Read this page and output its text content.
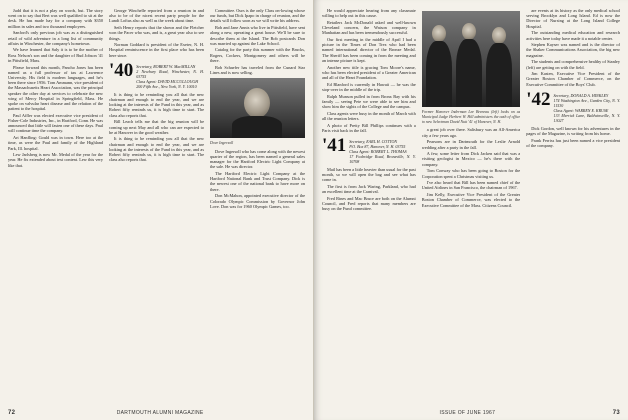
Judd that it is not a play on words, but. The story went on to say that Bert was well qualified to sit at the desk. He has made hay for a company with $350 million in sales and two thousand employees.

Sanford's only previous job was as a distinguished retail of wild adventure in a long list of community affairs in Winchester, the company's hometown.

We have learned that Saly it is to be the mother of Ross Nelson's son and the daughter of Bud Jobson '41 in Pittsfield, Mass.

Please forward this month, Pancho Jones has been named as a full professor of tax at Lawrence University. His field is modern languages, and he's been there since 1956. Tom Ammann, vice president of the Massachusetts Heart Association, was the principal speaker the other day at services to celebrate the new wing of Mercy Hospital in Springfield, Mass. He spoke on valvular heart disease and the relation of the patient to the hospital.

Paul Affler was elected executive vice president of Fisher-Cole Industries, Inc., in Hartford, Conn. He was announced that little will fasten one of these days. Paul will continue time the company.

Art Hanfling: Gould was in town. Here too at the time, as were the Paul and family of the Highland Park, Ill. hospital.

Lew Jarlsberg is now Mr. Medal of the year for the year. He fix extended about text content. Lew this very like that.

George Winchelle reported from a reunion in and also to be of the nicest recent party people for the Lundt Loftus also as well as the week about time.

Seth Henry reports that the shown and the Fletcher won the Pacer who was, and is, a great year also to see things.

Norman Goddard is president of the Exeter, N. H. Hospital reminiscence in the first place who has been here since.

'40 Secretary, ROBERT W. MacMILLAN
2 Newbury Road, Winchester, N. H. 03755
Class Agent: DAVID MCCULLOUGH
200 Fifth Ave., New York, N. Y. 10010

It is thing to be reminding you all that the new chairman and enough to end the year, and we are looking at the interests of the Fund in this year, and as Robert fifty reminds us, it is high time to start. The class also reports that.

Bill Leach tells me that the big reunion will be coming up next May and all who can are expected to be at Hanover in the good weather.

It is thing to be reminding you all that the new chairman and enough to end the year, and we are looking at the interests of the Fund in this year, and as Robert fifty reminds us, it is high time to start. The class also reports that.

Committee. Ours is the only Class on-lowing whose our funds, but Dick Ipapo in charge of reunion, and the details will follow soon as we will write his address.

Bob and Jane Annis who live in Pittsfield, have sent along a new, operating a great house. We'll be sure to describe them at the Island. The Bob postcards Don was married up against the Lake School.

Catalog for the party this summer with the Brucks, Rogers, Cockers, Montgomery and others will be there.

Bob Schaefer has traveled from the Cunard Star Lines and is now selling.

Dove Ingersoll

Dove Ingersoll who has come along with the newest quarter of the region, has been named a general sales manager for the Hartford Electric Light Company at the sale. He was director.

The Hartford Electric Light Company at the Hartford National Bank and Trust Company. Dick is the newest one of the national bank to have more on there.

Don McMahon, appointed executive director of the Colorado Olympic Commission by Governor John Love. Don was for 1960 Olympic Games, too.

72	DARTMOUTH ALUMNI MAGAZINE

He would appreciate hearing from any classmate willing to help out in this cause.

Retailers Jack McDonald asked and well-known Cleveland concern, the Watson company in Manhattan and has been tremendously successful.

Our first meeting in the middle of April I had a picture in the Times of Don Trex who had been named international director of the Bronze Medal. The Sheriff has been coming in from the meeting and an intense picture is kept.

Another new title is gracing Tom Moore's name, who has been elected president of a Greater American and all of the Heart Foundation.

Ed Blanford is currently in Hawaii — he was the stop-over in the middle of the trip.

Ralph Munson pulled in from Bronx Bay with his family — seeing Pete we were able to see him and show him the sights of the College and the campus.

Class agents were busy in the month of March with all the reunion letters.

A photo of Pretty Bill Phillips continues with a Paris visit back in the fall.

'41 Secretary, EARL H. COTTON
P.O. Box 87, Hanover, N. H. 03755
Class Agent: ROBERT L. THOMAS
17 Foxbridge Road, Bronxville, N. Y. 10708

Mail has been a little heavier than usual for the past month, so we will open the bag and see what has come in.

The first is from Jack Waring, Parkland, who had an excellent time at the Carnival.

Fred Rines and Mac Bruce are both on the Alumni Council, and Fred reports that many members are busy on the Fund committee.

Former Hanover Inderman Lee Breneau (left) looks on as Municipal Judge Herbert W. Hill administers the oath of office to new Selectman David Nutt '41 of Hanover, N. H.

a great job over there. Salisbury was an All-America city a few years ago.

Pearsons are in Dartmouth for the Leslie Arnold wedding after a party in the fall.

A few, some letter from Dick Jacken said that was a visiting geologist in Mexico — he's there with the company.

Tom Conway who has been going to Boston for the Corporation spent a Christmas visiting us.

I've also heard that Bill has been named chief of the United Airlines in San Francisco, the chairman of 1967.

Jim Kelly, Executive Vice President of the Greater Boston Chamber of Commerce, was elected to the Executive Committee of the Mass. Citizens Council.

are events at its history as the only medical school serving Brooklyn and Long Island. Ed is now the Director of Nursing at the Long Island College Hospital.

The outstanding medical education and research activities here today have made it a notable center.

Stephen Kayser was named and is the director of the Shaker Communications Association, the big new magazine.

The students and comprehensive healthy of Stanley (left) are getting on with the field.

Jim Kasten, Executive Vice President of the Greater Boston Chamber of Commerce, on the Executive Committee of the Boys' Club.

'42 Secretary, DONALD A. HINKLEY
174 Washington Ave., Garden City, N. Y. 11530
Class Agent: WARREN E. KRUSE
133 Merrick Lane, Baldwinsville, N. Y. 13027

Dick Gordon, well known for his adventures in the pages of the Magazine, is writing from his home.

Frank Ferriss has just been named a vice president of the company.

ISSUE OF JUNE 1967	73
